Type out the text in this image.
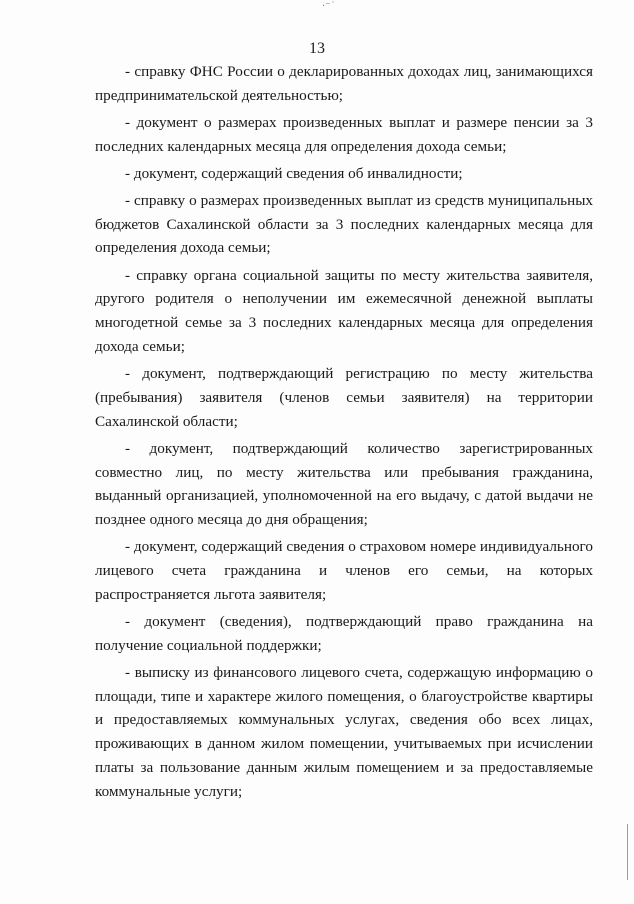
·⁻˙
13

- справку ФНС России о декларированных доходах лиц, занимающихся предпринимательской деятельностью;

- документ о размерах произведенных выплат и размере пенсии за 3 последних календарных месяца для определения дохода семьи;

- документ, содержащий сведения об инвалидности;

- справку о размерах произведенных выплат из средств муниципальных бюджетов Сахалинской области за 3 последних календарных месяца для определения дохода семьи;

- справку органа социальной защиты по месту жительства заявителя, другого родителя о неполучении им ежемесячной денежной выплаты многодетной семье за 3 последних календарных месяца для определения дохода семьи;

- документ, подтверждающий регистрацию по месту жительства (пребывания) заявителя (членов семьи заявителя) на территории Сахалинской области;

- документ, подтверждающий количество зарегистрированных совместно лиц, по месту жительства или пребывания гражданина, выданный организацией, уполномоченной на его выдачу, с датой выдачи не позднее одного месяца до дня обращения;

- документ, содержащий сведения о страховом номере индивидуального лицевого счета гражданина и членов его семьи, на которых распространяется льгота заявителя;

- документ (сведения), подтверждающий право гражданина на получение социальной поддержки;

- выписку из финансового лицевого счета, содержащую информацию о площади, типе и характере жилого помещения, о благоустройстве квартиры и предоставляемых коммунальных услугах, сведения обо всех лицах, проживающих в данном жилом помещении, учитываемых при исчислении платы за пользование данным жилым помещением и за предоставляемые коммунальные услуги;
